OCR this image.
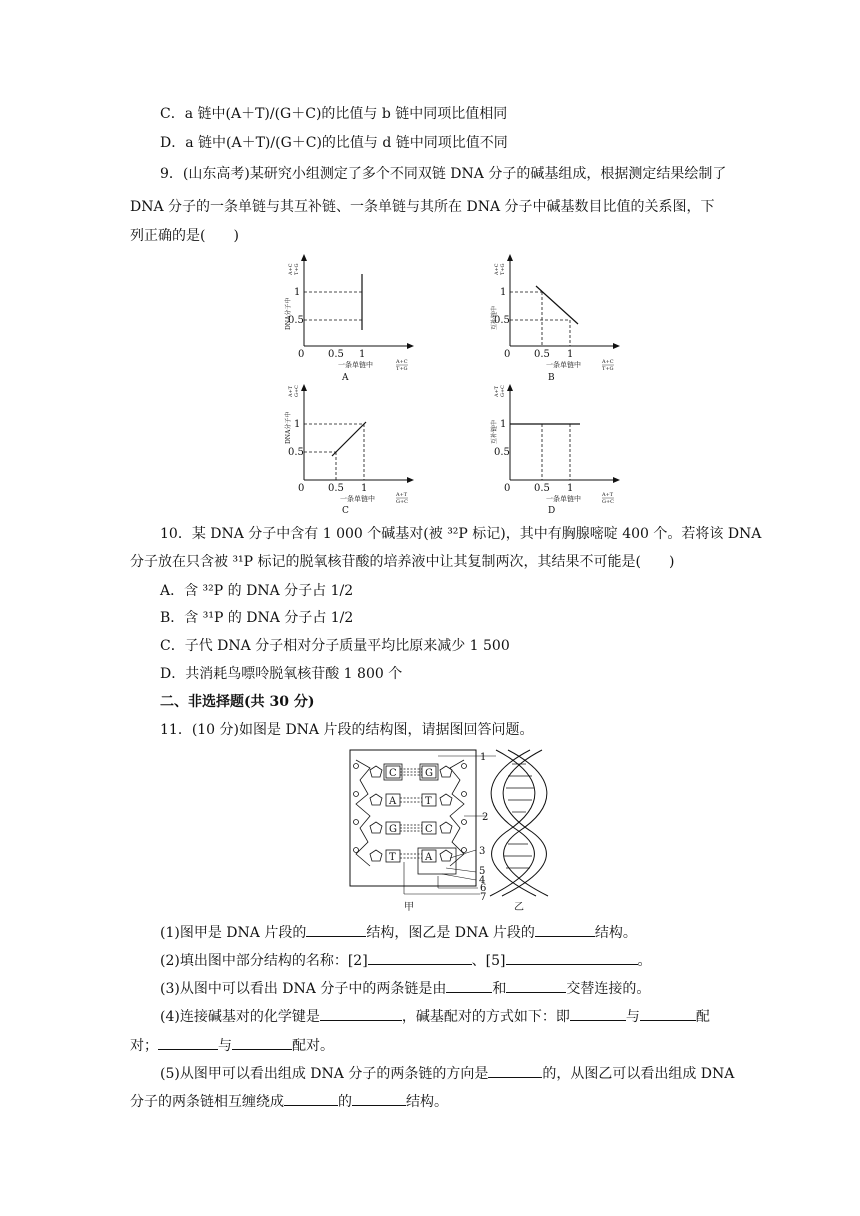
C．a 链中(A＋T)/(G＋C)的比值与 b 链中同项比值相同
D．a 链中(A＋T)/(G＋C)的比值与 d 链中同项比值不同
9．(山东高考)某研究小组测定了多个不同双链 DNA 分子的碱基组成，根据测定结果绘制了
DNA 分子的一条单链与其互补链、一条单链与其所在 DNA 分子中碱基数目比值的关系图，下
列正确的是(　　)
DNA分子中
A+C T+G
1
0.5
0 0.5 1
一条单链中	A+C
T+G
A
互补链中
A+C T+G
1
0.5
0 0.5 1
一条单链中	A+C
T+G
B
DNA分子中
A+T G+C
1
0.5
0 0.5 1
一条单链中	A+T
G+C
C
互补链中
A+T G+C
1
0.5
0 0.5 1
一条单链中	A+T
G+C
D
10．某 DNA 分子中含有 1 000 个碱基对(被 ³²P 标记)，其中有胸腺嘧啶 400 个。若将该 DNA
分子放在只含被 ³¹P 标记的脱氧核苷酸的培养液中让其复制两次，其结果不可能是(　　)
A．含 ³²P 的 DNA 分子占 1/2
B．含 ³¹P 的 DNA 分子占 1/2
C．子代 DNA 分子相对分子质量平均比原来减少 1 500
D．共消耗鸟嘌呤脱氧核苷酸 1 800 个
二、非选择题(共 30 分)
11．(10 分)如图是 DNA 片段的结构图，请据图回答问题。
C
A
G
T
G
T
C
A
1
2
3
5
4
6
7
甲	乙
(1)图甲是 DNA 片段的	结构，图乙是 DNA 片段的	结构。
(2)填出图中部分结构的名称：[2]	、[5]	。
(3)从图中可以看出 DNA 分子中的两条链是由	和	交替连接的。
(4)连接碱基对的化学键是	，碱基配对的方式如下：即	与	配
对；	与	配对。
(5)从图甲可以看出组成 DNA 分子的两条链的方向是	的，从图乙可以看出组成 DNA
分子的两条链相互缠绕成	的	结构。
